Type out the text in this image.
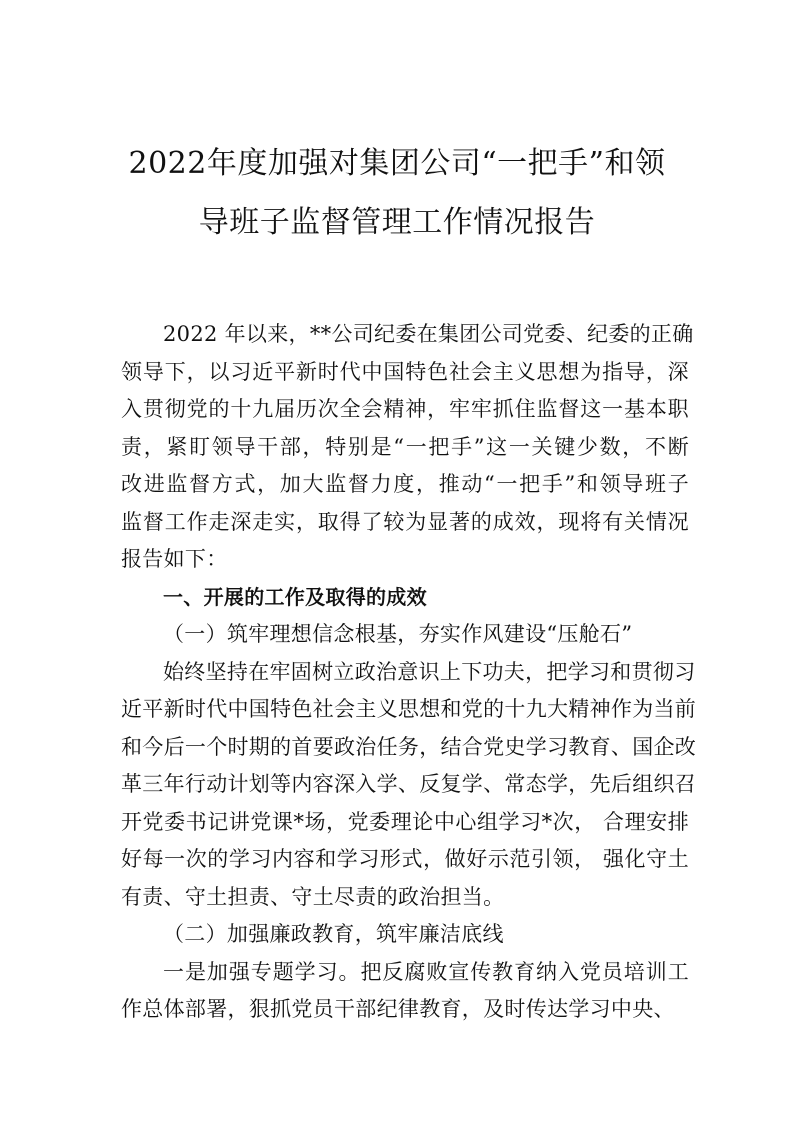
2022年度加强对集团公司“一把手”和领
导班子监督管理工作情况报告
2022 年以来，**公司纪委在集团公司党委、纪委的正确
领导下，以习近平新时代中国特色社会主义思想为指导，深
入贯彻党的十九届历次全会精神，牢牢抓住监督这一基本职
责，紧盯领导干部，特别是“一把手”这一关键少数，不断
改进监督方式，加大监督力度，推动“一把手”和领导班子
监督工作走深走实，取得了较为显著的成效，现将有关情况
报告如下：
一、开展的工作及取得的成效
（一）筑牢理想信念根基，夯实作风建设“压舱石”
始终坚持在牢固树立政治意识上下功夫，把学习和贯彻习
近平新时代中国特色社会主义思想和党的十九大精神作为当前
和今后一个时期的首要政治任务，结合党史学习教育、国企改
革三年行动计划等内容深入学、反复学、常态学，先后组织召
开党委书记讲党课*场，党委理论中心组学习*次， 合理安排
好每一次的学习内容和学习形式，做好示范引领， 强化守土
有责、守土担责、守土尽责的政治担当。
（二）加强廉政教育，筑牢廉洁底线
一是加强专题学习。把反腐败宣传教育纳入党员培训工
作总体部署，狠抓党员干部纪律教育，及时传达学习中央、
